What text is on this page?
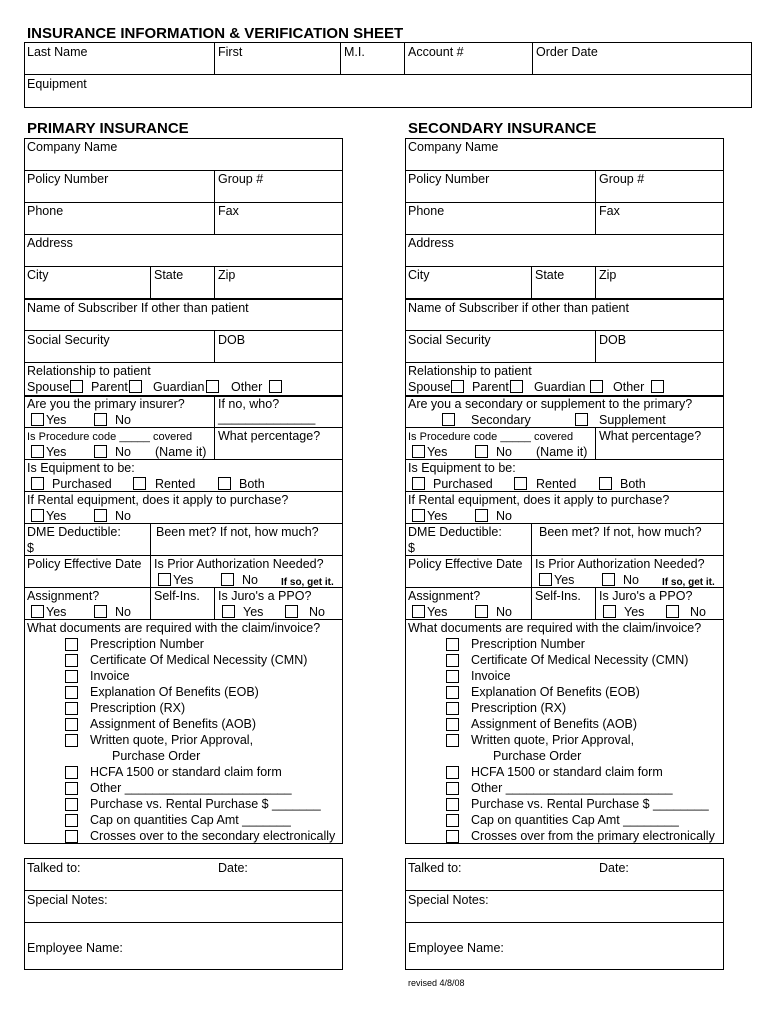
INSURANCE INFORMATION & VERIFICATION SHEET
Last Name	First	M.I.	Account #	Order Date
Equipment
PRIMARY INSURANCE
Company Name
Policy Number	Group #
Phone	Fax
Address
City	State	Zip
Name of Subscriber If other than patient
Social Security	DOB
Relationship to patient
Spouse Parent Guardian Other
Are you the primary insurer?	If no, who?
______________
Yes	No
Is Procedure code _____ covered What percentage?
Yes	No (Name it)
Is Equipment to be:
Purchased	Rented	Both
If Rental equipment, does it apply to purchase?
Yes	No
DME Deductible:
$
Been met? If not, how much?
Policy Effective Date Is Prior Authorization Needed?
Yes	No If so, get it.
Assignment?
Yes	No
Self-Ins. Is Juro's a PPO?
Yes	No
What documents are required with the claim/invoice?
Prescription Number
Certificate Of Medical Necessity (CMN)
Invoice
Explanation Of Benefits (EOB)
Prescription (RX)
Assignment of Benefits (AOB)
Written quote, Prior Approval,
Purchase Order
HCFA 1500 or standard claim form
Other ________________________
Purchase vs. Rental Purchase $ _______
Cap on quantities Cap Amt _______
Crosses over to the secondary electronically
Talked to:	Date:
Special Notes:
Employee Name:
SECONDARY INSURANCE
Company Name
Policy Number	Group #
Phone	Fax
Address
City	State	Zip
Name of Subscriber if other than patient
Social Security	DOB
Relationship to patient
Spouse Parent Guardian Other
Are you a secondary or supplement to the primary?
Secondary	Supplement
Is Procedure code _____ covered What percentage?
Yes	No (Name it)
Is Equipment to be:
Purchased	Rented	Both
If Rental equipment, does it apply to purchase?
Yes	No
DME Deductible:
$
Been met? If not, how much?
Policy Effective Date Is Prior Authorization Needed?
Yes	No If so, get it.
Assignment?
Yes	No
Self-Ins. Is Juro's a PPO?
Yes	No
What documents are required with the claim/invoice?
Prescription Number
Certificate Of Medical Necessity (CMN)
Invoice
Explanation Of Benefits (EOB)
Prescription (RX)
Assignment of Benefits (AOB)
Written quote, Prior Approval,
Purchase Order
HCFA 1500 or standard claim form
Other ________________________
Purchase vs. Rental Purchase $ ________
Cap on quantities Cap Amt ________
Crosses over from the primary electronically
Talked to:	Date:
Special Notes:
Employee Name:
revised 4/8/08
